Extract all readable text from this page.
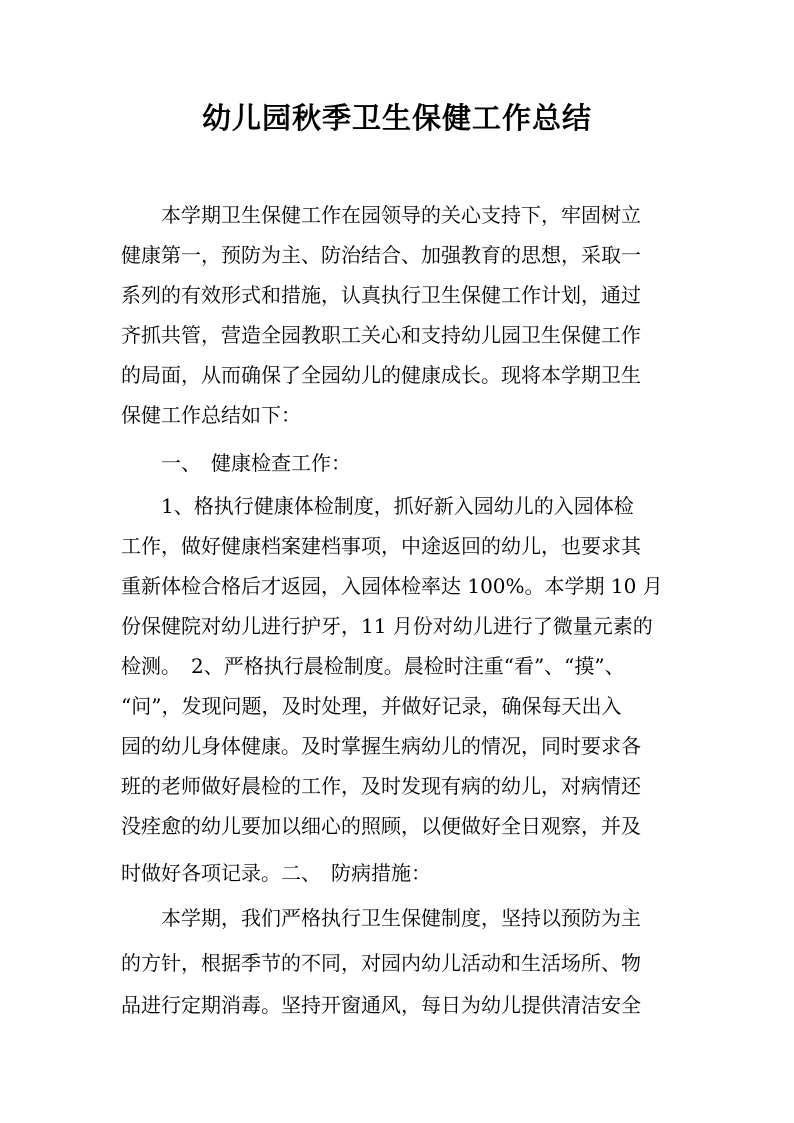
幼儿园秋季卫生保健工作总结
　　本学期卫生保健工作在园领导的关心支持下，牢固树立
健康第一，预防为主、防治结合、加强教育的思想，采取一
系列的有效形式和措施，认真执行卫生保健工作计划，通过
齐抓共管，营造全园教职工关心和支持幼儿园卫生保健工作
的局面，从而确保了全园幼儿的健康成长。现将本学期卫生
保健工作总结如下：
　　一、　健康检查工作：
　　1、格执行健康体检制度，抓好新入园幼儿的入园体检
工作，做好健康档案建档事项，中途返回的幼儿，也要求其
重新体检合格后才返园，入园体检率达 100%。本学期 10 月
份保健院对幼儿进行护牙，11 月份对幼儿进行了微量元素的
检测。　2、严格执行晨检制度。晨检时注重“看”、“摸”、
“问”，发现问题，及时处理，并做好记录，确保每天出入
园的幼儿身体健康。及时掌握生病幼儿的情况，同时要求各
班的老师做好晨检的工作，及时发现有病的幼儿，对病情还
没痊愈的幼儿要加以细心的照顾，以便做好全日观察，并及
时做好各项记录。二、　防病措施：
　　本学期，我们严格执行卫生保健制度，坚持以预防为主
的方针，根据季节的不同，对园内幼儿活动和生活场所、物
品进行定期消毒。坚持开窗通风，每日为幼儿提供清洁安全
